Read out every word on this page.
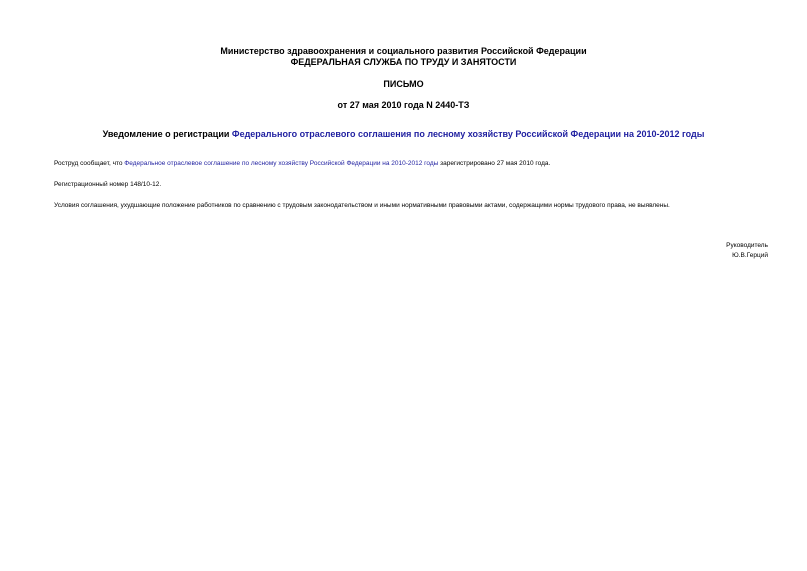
Министерство здравоохранения и социального развития Российской Федерации
ФЕДЕРАЛЬНАЯ СЛУЖБА ПО ТРУДУ И ЗАНЯТОСТИ
ПИСЬМО
от 27 мая 2010 года N 2440-ТЗ
Уведомление о регистрации Федерального отраслевого соглашения по лесному хозяйству Российской Федерации на 2010-2012 годы
Роструд сообщает, что Федеральное отраслевое соглашение по лесному хозяйству Российской Федерации на 2010-2012 годы зарегистрировано 27 мая 2010 года.
Регистрационный номер 148/10-12.
Условия соглашения, ухудшающие положение работников по сравнению с трудовым законодательством и иными нормативными правовыми актами, содержащими нормы трудового права, не выявлены.
Руководитель
Ю.В.Герций
